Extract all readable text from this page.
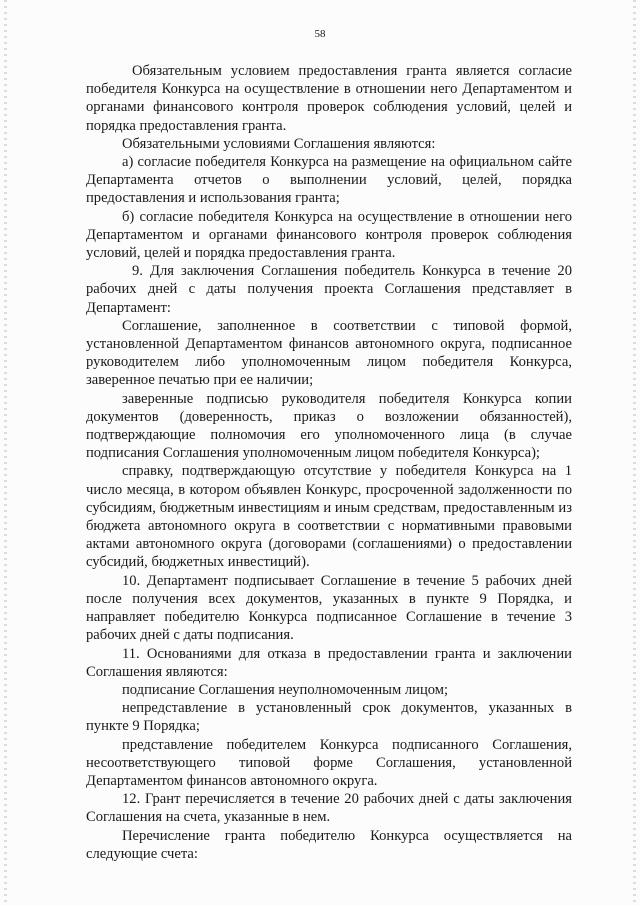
58

Обязательным условием предоставления гранта является согласие победителя Конкурса на осуществление в отношении него Департаментом и органами финансового контроля проверок соблюдения условий, целей и порядка предоставления гранта.

Обязательными условиями Соглашения являются:

а) согласие победителя Конкурса на размещение на официальном сайте Департамента отчетов о выполнении условий, целей, порядка предоставления и использования гранта;

б) согласие победителя Конкурса на осуществление в отношении него Департаментом и органами финансового контроля проверок соблюдения условий, целей и порядка предоставления гранта.

9. Для заключения Соглашения победитель Конкурса в течение 20 рабочих дней с даты получения проекта Соглашения представляет в Департамент:

Соглашение, заполненное в соответствии с типовой формой, установленной Департаментом финансов автономного округа, подписанное руководителем либо уполномоченным лицом победителя Конкурса, заверенное печатью при ее наличии;

заверенные подписью руководителя победителя Конкурса копии документов (доверенность, приказ о возложении обязанностей), подтверждающие полномочия его уполномоченного лица (в случае подписания Соглашения уполномоченным лицом победителя Конкурса);

справку, подтверждающую отсутствие у победителя Конкурса на 1 число месяца, в котором объявлен Конкурс, просроченной задолженности по субсидиям, бюджетным инвестициям и иным средствам, предоставленным из бюджета автономного округа в соответствии с нормативными правовыми актами автономного округа (договорами (соглашениями) о предоставлении субсидий, бюджетных инвестиций).

10. Департамент подписывает Соглашение в течение 5 рабочих дней после получения всех документов, указанных в пункте 9 Порядка, и направляет победителю Конкурса подписанное Соглашение в течение 3 рабочих дней с даты подписания.

11. Основаниями для отказа в предоставлении гранта и заключении Соглашения являются:

подписание Соглашения неуполномоченным лицом;

непредставление в установленный срок документов, указанных в пункте 9 Порядка;

представление победителем Конкурса подписанного Соглашения, несоответствующего типовой форме Соглашения, установленной Департаментом финансов автономного округа.

12. Грант перечисляется в течение 20 рабочих дней с даты заключения Соглашения на счета, указанные в нем.

Перечисление гранта победителю Конкурса осуществляется на следующие счета:
